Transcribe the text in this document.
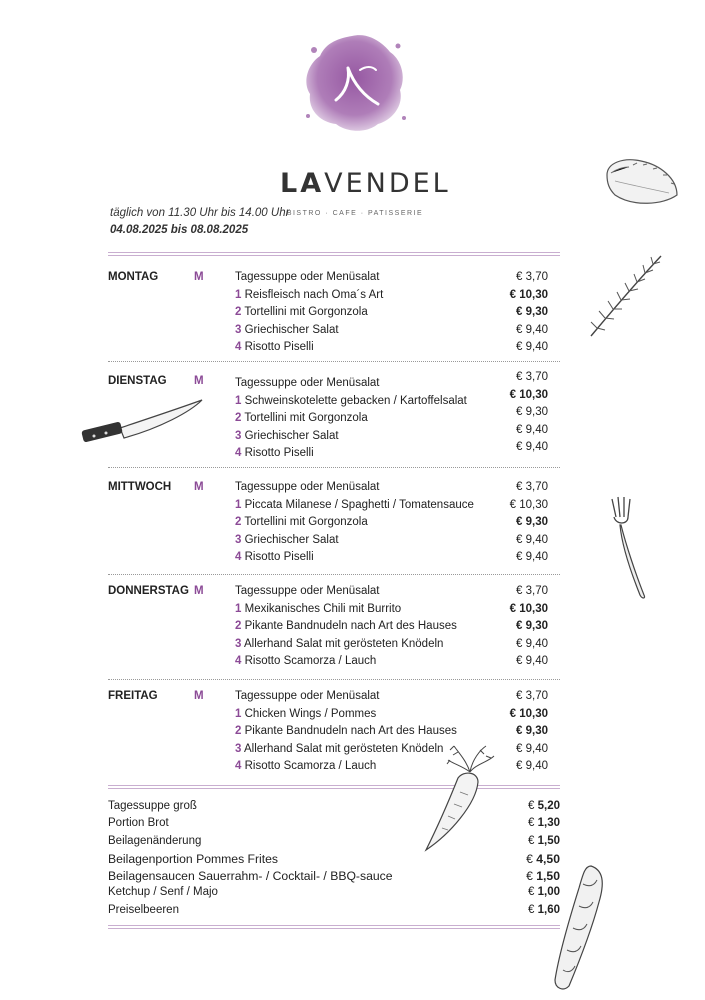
LAVENDEL
BISTRO · CAFE · PATISSERIE
täglich von 11.30 Uhr bis 14.00 Uhr
04.08.2025 bis 08.08.2025
MONTAG	M	Tagessuppe oder Menüsalat	€ 3,70
1 Reisfleisch nach Oma´s Art	€ 10,30
2 Tortellini mit Gorgonzola	€ 9,30
3 Griechischer Salat	€ 9,40
4 Risotto Piselli	€ 9,40
DIENSTAG M	Tagessuppe oder Menüsalat	€ 3,70
1 Schweinskotelette gebacken / Kartoffelsalat	€ 10,30
2 Tortellini mit Gorgonzola	€ 9,30
3 Griechischer Salat	€ 9,40
4 Risotto Piselli	€ 9,40
MITTWOCH M	Tagessuppe oder Menüsalat	€ 3,70
1 Piccata Milanese / Spaghetti / Tomatensauce	€ 10,30
2 Tortellini mit Gorgonzola	€ 9,30
3 Griechischer Salat	€ 9,40
4 Risotto Piselli	€ 9,40
DONNERSTAG M	Tagessuppe oder Menüsalat	€ 3,70
1 Mexikanisches Chili mit Burrito	€ 10,30
2 Pikante Bandnudeln nach Art des Hauses	€ 9,30
3 Allerhand Salat mit gerösteten Knödeln	€ 9,40
4 Risotto Scamorza / Lauch	€ 9,40
FREITAG	M	Tagessuppe oder Menüsalat	€ 3,70
1 Chicken Wings / Pommes	€ 10,30
2 Pikante Bandnudeln nach Art des Hauses	€ 9,30
3 Allerhand Salat mit gerösteten Knödeln	€ 9,40
4 Risotto Scamorza / Lauch	€ 9,40
Tagessuppe groß	€ 5,20
Portion Brot	€ 1,30
Beilagenänderung	€ 1,50
Beilagenportion Pommes Frites	€ 4,50
Beilagensaucen Sauerrahm- / Cocktail- / BBQ-sauce	€ 1,50
Ketchup / Senf / Majo	€ 1,00
Preiselbeeren	€ 1,60
